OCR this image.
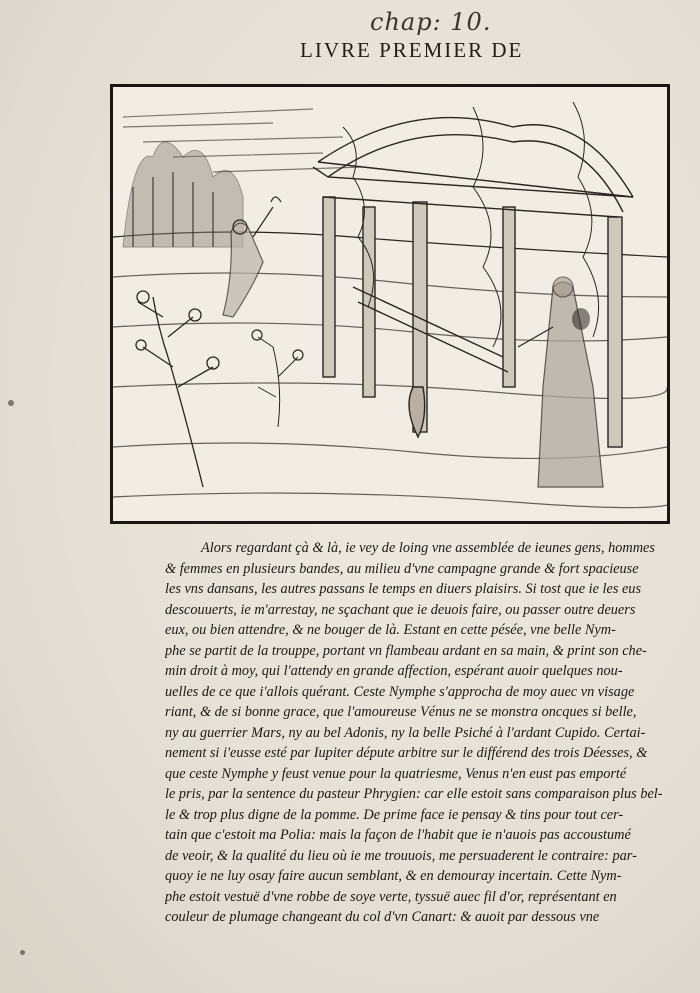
chap: 10.
LIVRE PREMIER DE
Alors regardant çà & là, ie vey de loing vne assemblée de ieunes gens, hommes
& femmes en plusieurs bandes, au milieu d'vne campagne grande & fort spacieuse
les vns dansans, les autres passans le temps en diuers plaisirs. Si tost que ie les eus
descouuerts, ie m'arrestay, ne sçachant que ie deuois faire, ou passer outre deuers
eux, ou bien attendre, & ne bouger de là. Estant en cette pésée, vne belle Nym-
phe se partit de la trouppe, portant vn flambeau ardant en sa main, & print son che-
min droit à moy, qui l'attendy en grande affection, espérant auoir quelques nou-
uelles de ce que i'allois quérant. Ceste Nymphe s'approcha de moy auec vn visage
riant, & de si bonne grace, que l'amoureuse Vénus ne se monstra oncques si belle,
ny au guerrier Mars, ny au bel Adonis, ny la belle Psiché à l'ardant Cupido. Certai-
nement si i'eusse esté par Iupiter députe arbitre sur le différend des trois Déesses, &
que ceste Nymphe y feust venue pour la quatriesme, Venus n'en eust pas emporté
le pris, par la sentence du pasteur Phrygien: car elle estoit sans comparaison plus bel-
le & trop plus digne de la pomme. De prime face ie pensay & tins pour tout cer-
tain que c'estoit ma Polia: mais la façon de l'habit que ie n'auois pas accoustumé
de veoir, & la qualité du lieu où ie me trouuois, me persuaderent le contraire: par-
quoy ie ne luy osay faire aucun semblant, & en demouray incertain. Cette Nym-
phe estoit vestuë d'vne robbe de soye verte, tyssuë auec fil d'or, représentant en
couleur de plumage changeant du col d'vn Canart: & auoit par dessous vne
